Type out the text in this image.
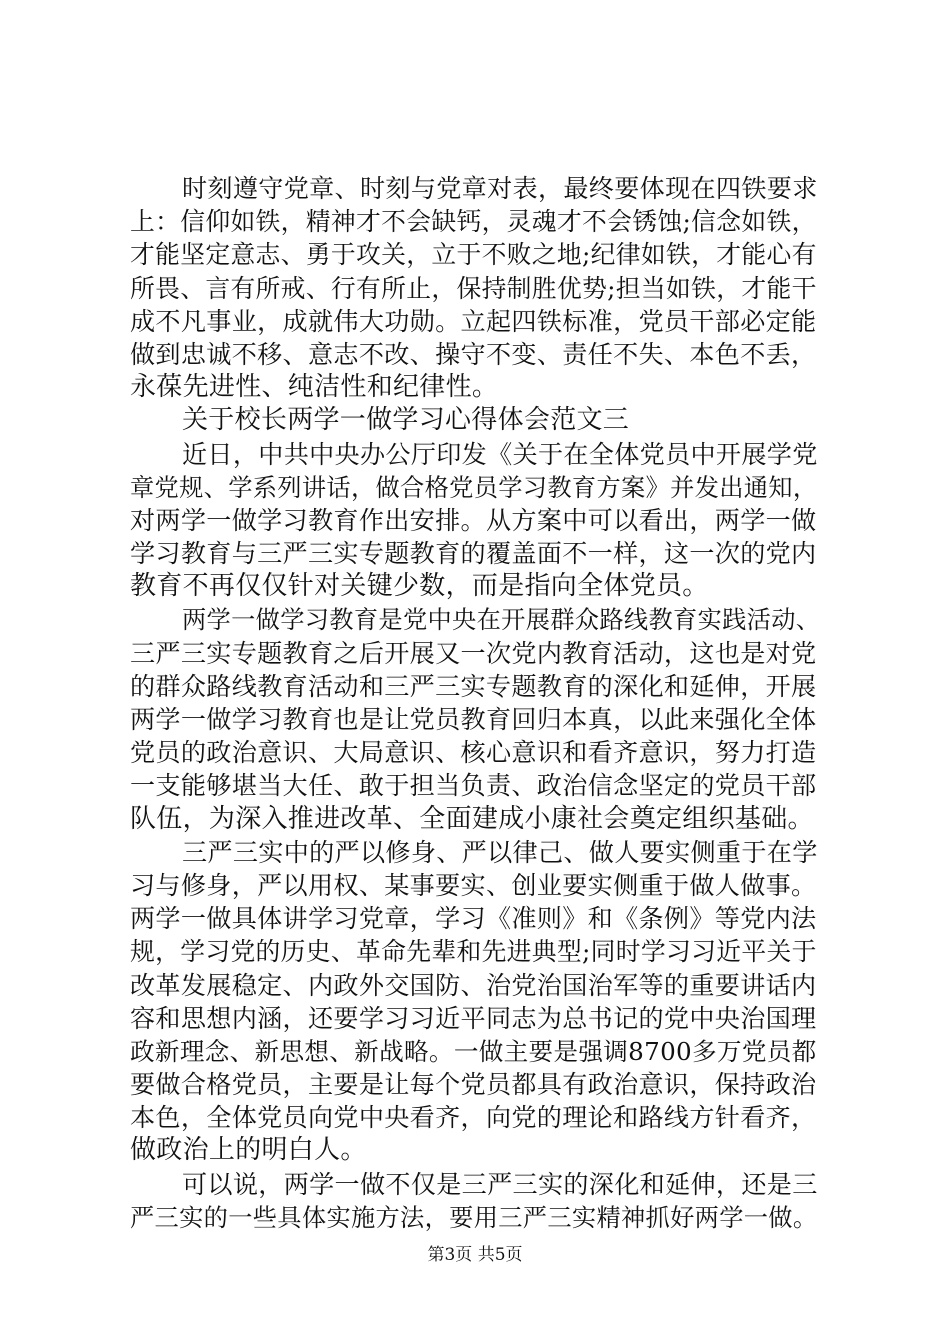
时刻遵守党章、时刻与党章对表，最终要体现在四铁要求
上：信仰如铁，精神才不会缺钙，灵魂才不会锈蚀;信念如铁，
才能坚定意志、勇于攻关，立于不败之地;纪律如铁，才能心有
所畏、言有所戒、行有所止，保持制胜优势;担当如铁，才能干
成不凡事业，成就伟大功勋。立起四铁标准，党员干部必定能
做到忠诚不移、意志不改、操守不变、责任不失、本色不丢，
永葆先进性、纯洁性和纪律性。
关于校长两学一做学习心得体会范文三
近日，中共中央办公厅印发《关于在全体党员中开展学党
章党规、学系列讲话，做合格党员学习教育方案》并发出通知，
对两学一做学习教育作出安排。从方案中可以看出，两学一做
学习教育与三严三实专题教育的覆盖面不一样，这一次的党内
教育不再仅仅针对关键少数，而是指向全体党员。
两学一做学习教育是党中央在开展群众路线教育实践活动、
三严三实专题教育之后开展又一次党内教育活动，这也是对党
的群众路线教育活动和三严三实专题教育的深化和延伸，开展
两学一做学习教育也是让党员教育回归本真，以此来强化全体
党员的政治意识、大局意识、核心意识和看齐意识，努力打造
一支能够堪当大任、敢于担当负责、政治信念坚定的党员干部
队伍，为深入推进改革、全面建成小康社会奠定组织基础。
三严三实中的严以修身、严以律己、做人要实侧重于在学
习与修身，严以用权、某事要实、创业要实侧重于做人做事。
两学一做具体讲学习党章，学习《准则》和《条例》等党内法
规，学习党的历史、革命先辈和先进典型;同时学习习近平关于
改革发展稳定、内政外交国防、治党治国治军等的重要讲话内
容和思想内涵，还要学习习近平同志为总书记的党中央治国理
政新理念、新思想、新战略。一做主要是强调8700多万党员都
要做合格党员，主要是让每个党员都具有政治意识，保持政治
本色，全体党员向党中央看齐，向党的理论和路线方针看齐，
做政治上的明白人。
可以说，两学一做不仅是三严三实的深化和延伸，还是三
严三实的一些具体实施方法，要用三严三实精神抓好两学一做。
第3页 共5页
